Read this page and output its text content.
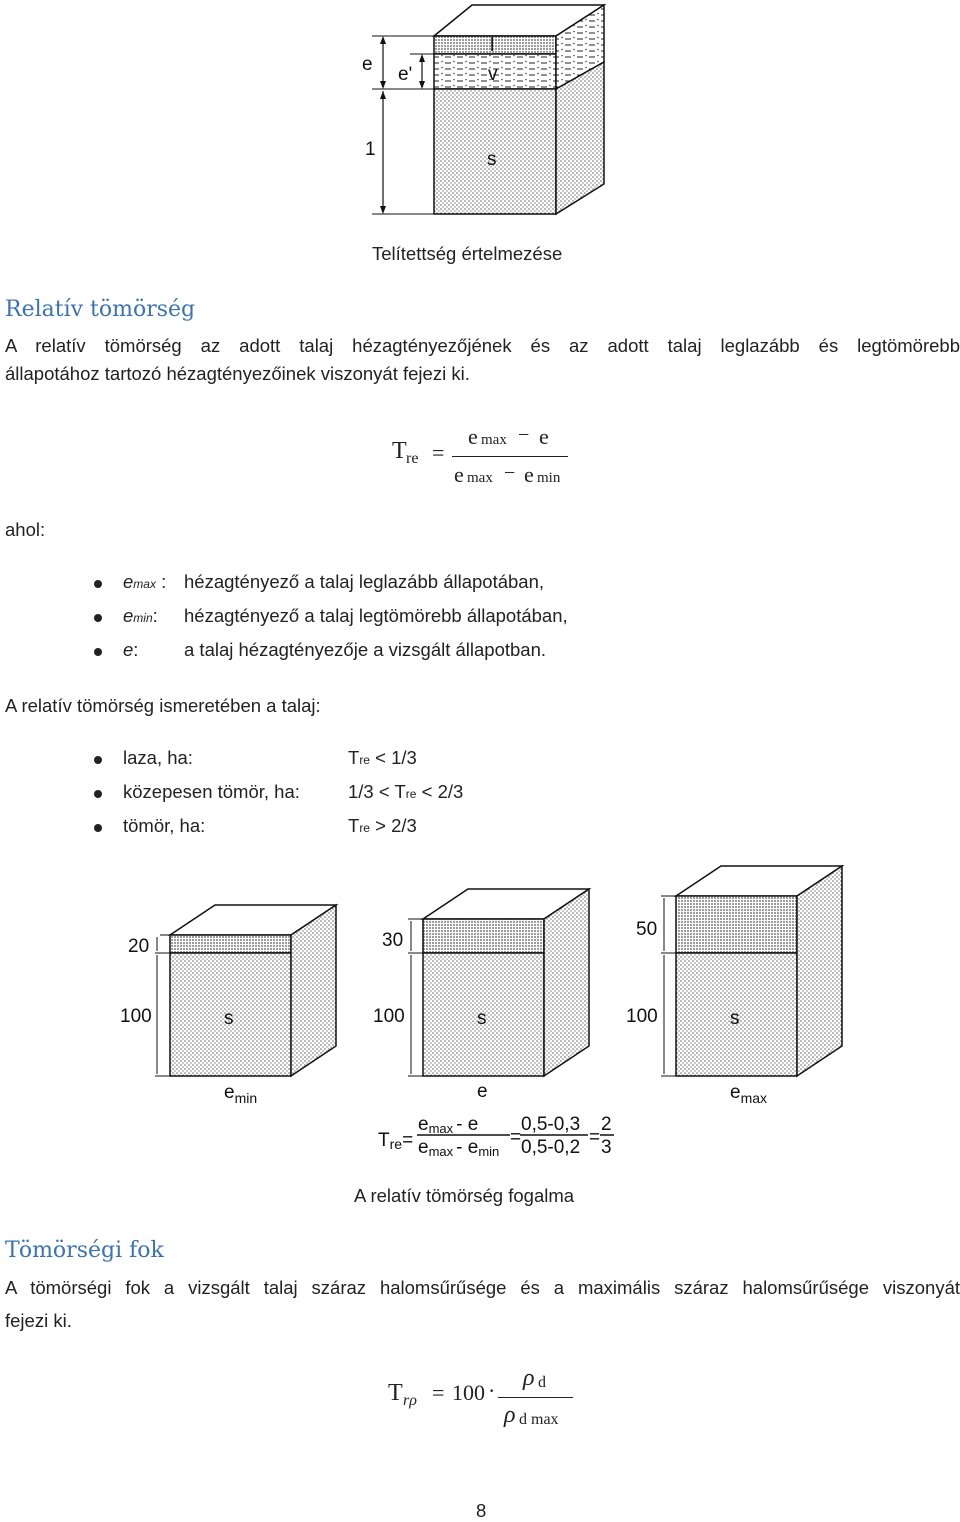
e e'
1
l
v
s
Telítettség értelmezése
Relatív tömörség
A relatív tömörség az adott talaj hézagtényezőjének és az adott talaj leglazább és legtömörebb
állapotához tartozó hézagtényezőinek viszonyát fejezi ki.
T re =
e max − e
e max − e min
ahol:
emax : hézagtényező a talaj leglazább állapotában,
emin: hézagtényező a talaj legtömörebb állapotában,
e: a talaj hézagtényezője a vizsgált állapotban.
A relatív tömörség ismeretében a talaj:
laza, ha:	Tre < 1/3
közepesen tömör, ha:	1/3 < Tre < 2/3
tömör, ha:	Tre > 2/3
20
100	s
30
100	s
50
100	s
$e_{min}$	e	$e_{max}$
Tre=
emax - e
emax - emin
=
0,5-0,3
0,5-0,2 =
2
3
A relatív tömörség fogalma
Tömörségi fok
A tömörségi fok a vizsgált talaj száraz halomsűrűsége és a maximális száraz halomsűrűsége viszonyát
fejezi ki.
T rρ = 100 · ρ d
ρ d max
8
